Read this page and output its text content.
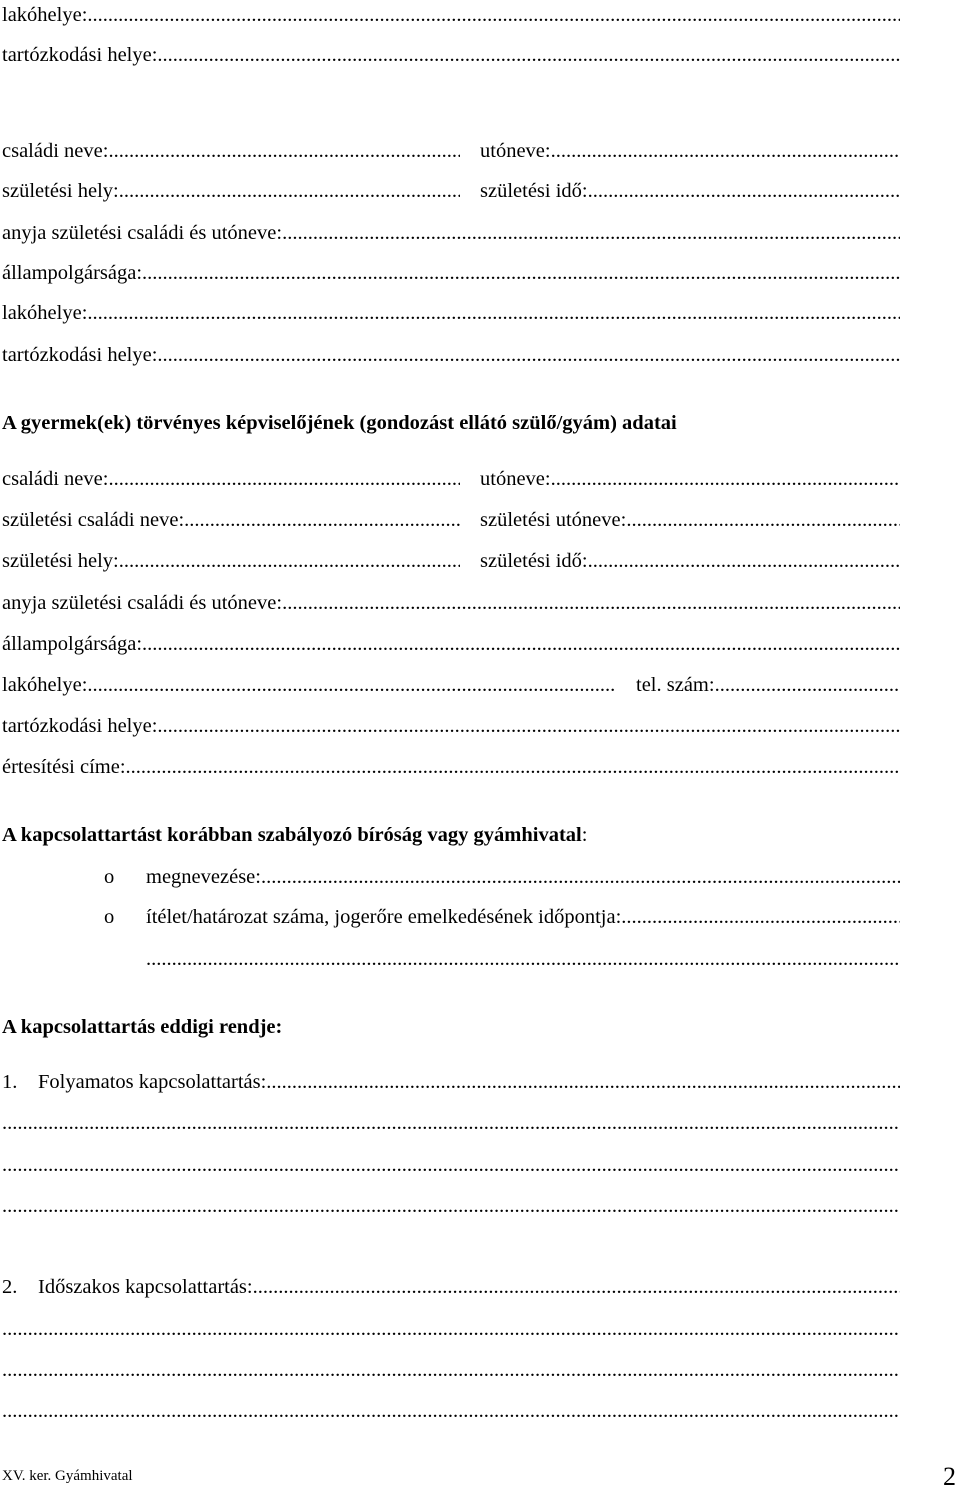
lakóhelye:
.....
tartózkodási helye:
.....
családi neve: .....	utóneve:
.....
születési hely: .....	születési idő:
.....
anyja születési családi és utóneve:
.....
állampolgársága:
.....
lakóhelye:
.....
tartózkodási helye:
.....
A gyermek(ek) törvényes képviselőjének (gondozást ellátó szülő/gyám) adatai
családi neve: .....	utóneve:
.....
születési családi neve: .....	születési utóneve:
.....
születési hely: .....	születési idő:
.....
anyja születési családi és utóneve:
.....
állampolgársága:
.....
lakóhelye: .....	tel. szám:
.....
tartózkodási helye:
.....
értesítési címe:
.....
A kapcsolattartást korábban szabályozó bíróság vagy gyámhivatal:
o	megnevezése:
.....
o	ítélet/határozat száma, jogerőre emelkedésének időpontja:
.....
.....
A kapcsolattartás eddigi rendje:
1.	Folyamatos kapcsolattartás:
.....
.....
.....
.....
2.	Időszakos kapcsolattartás:
.....
.....
.....
.....
XV. ker. Gyámhivatal	2
